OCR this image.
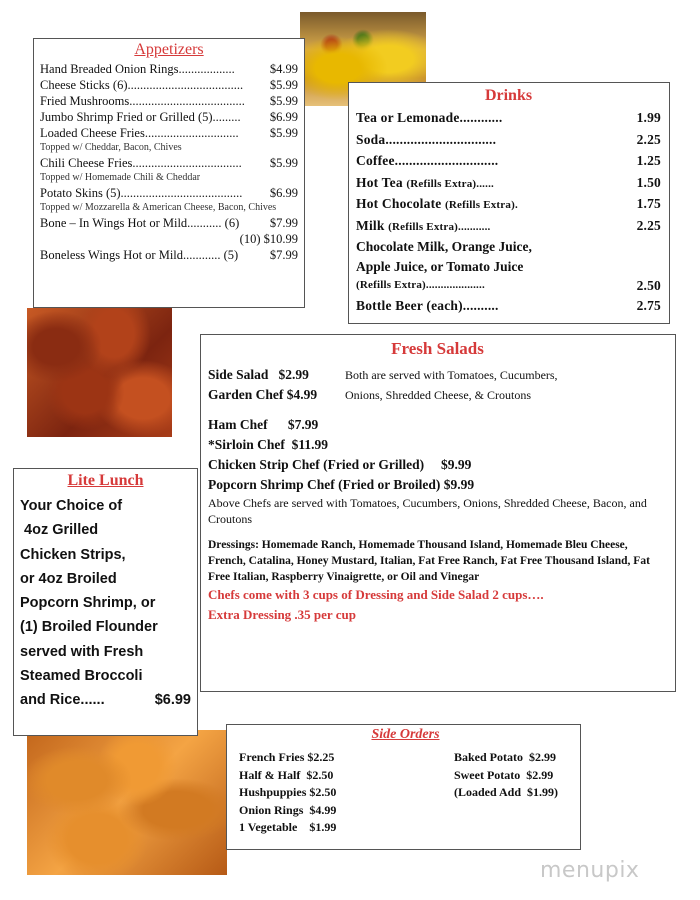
Appetizers
Hand Breaded Onion Rings..................	$4.99
Cheese Sticks (6)..................................... $5.99
Fried Mushrooms..................................... $5.99
Jumbo Shrimp Fried or Grilled (5)......... $6.99
Loaded Cheese Fries..............................	$5.99
Topped w/ Cheddar, Bacon, Chives
Chili Cheese Fries................................... $5.99
Topped w/ Homemade Chili & Cheddar
Potato Skins (5)....................................... $6.99
Topped w/ Mozzarella & American Cheese, Bacon, Chives
Bone – In Wings Hot or Mild........... (6) $7.99
(10) $10.99
Boneless Wings Hot or Mild............ (5)	$7.99
Drinks
Tea or Lemonade............	1.99
Soda...............................	2.25
Coffee.............................	1.25
Hot Tea (Refills Extra)......	1.50
Hot Chocolate (Refills Extra).	1.75
Milk (Refills Extra)...........	2.25
Chocolate Milk, Orange Juice,
Apple Juice, or Tomato Juice
(Refills Extra)....................	2.50
Bottle Beer (each)..........	2.75
Fresh Salads
Side Salad $2.99
Garden Chef $4.99
Both are served with Tomatoes, Cucumbers,
Onions, Shredded Cheese, & Croutons
Ham Chef $7.99
*Sirloin Chef $11.99
Chicken Strip Chef (Fried or Grilled) $9.99
Popcorn Shrimp Chef (Fried or Broiled) $9.99
Above Chefs are served with Tomatoes, Cucumbers, Onions, Shredded Cheese, Bacon, and Croutons
Dressings: Homemade Ranch, Homemade Thousand Island, Homemade Bleu Cheese, French, Catalina, Honey Mustard, Italian, Fat Free Ranch, Fat Free Thousand Island, Fat Free Italian, Raspberry Vinaigrette, or Oil and Vinegar
Chefs come with 3 cups of Dressing and Side Salad 2 cups….
Extra Dressing .35 per cup
Lite Lunch
Your Choice of
4oz Grilled
Chicken Strips,
or 4oz Broiled
Popcorn Shrimp, or
(1) Broiled Flounder
served with Fresh
Steamed Broccoli
and Rice......	$6.99
Side Orders
French Fries $2.25
Half & Half  $2.50
Hushpuppies $2.50
Onion Rings  $4.99
1 Vegetable    $1.99
Baked Potato  $2.99
Sweet Potato  $2.99
(Loaded Add  $1.99)
menupix
